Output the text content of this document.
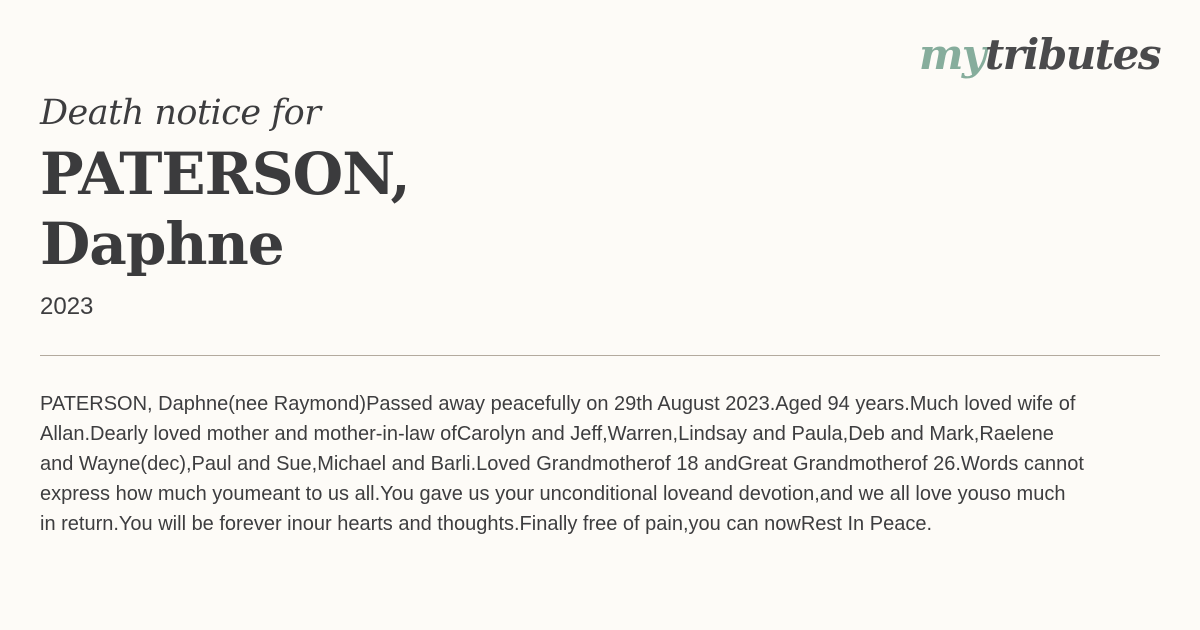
mytributes
Death notice for
PATERSON,
Daphne
2023
PATERSON, Daphne(nee Raymond)Passed away peacefully on 29th August 2023.Aged 94 years.Much loved wife of
Allan.Dearly loved mother and mother-in-law ofCarolyn and Jeff,Warren,Lindsay and Paula,Deb and Mark,Raelene
and Wayne(dec),Paul and Sue,Michael and Barli.Loved Grandmotherof 18 andGreat Grandmotherof 26.Words cannot
express how much youmeant to us all.You gave us your unconditional loveand devotion,and we all love youso much
in return.You will be forever inour hearts and thoughts.Finally free of pain,you can nowRest In Peace.
